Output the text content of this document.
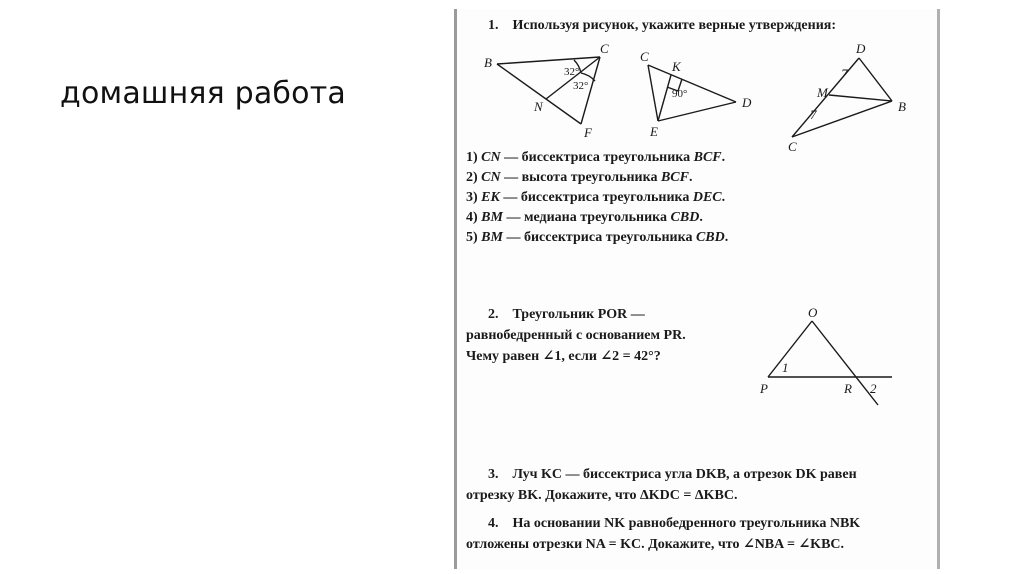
домашняя работа
1. Используя рисунок, укажите верные утверждения:
B
C
N
F
32°
32°
C
K
D
E
90°
D
M
B
C
7
7
1) CN — биссектриса треугольника BCF.
2) CN — высота треугольника BCF.
3) EK — биссектриса треугольника DEC.
4) BM — медиана треугольника CBD.
5) BM — биссектриса треугольника CBD.
2. Треугольник POR —
равнобедренный с основанием PR.
Чему равен ∠1, если ∠2 = 42°?
O
P	R
1
2
3. Луч KC — биссектриса угла DKB, а отрезок DK равен
отрезку BK. Докажите, что ΔKDC = ΔKBC.
4. На основании NK равнобедренного треугольника NBK
отложены отрезки NA = KC. Докажите, что ∠NBA = ∠KBC.
